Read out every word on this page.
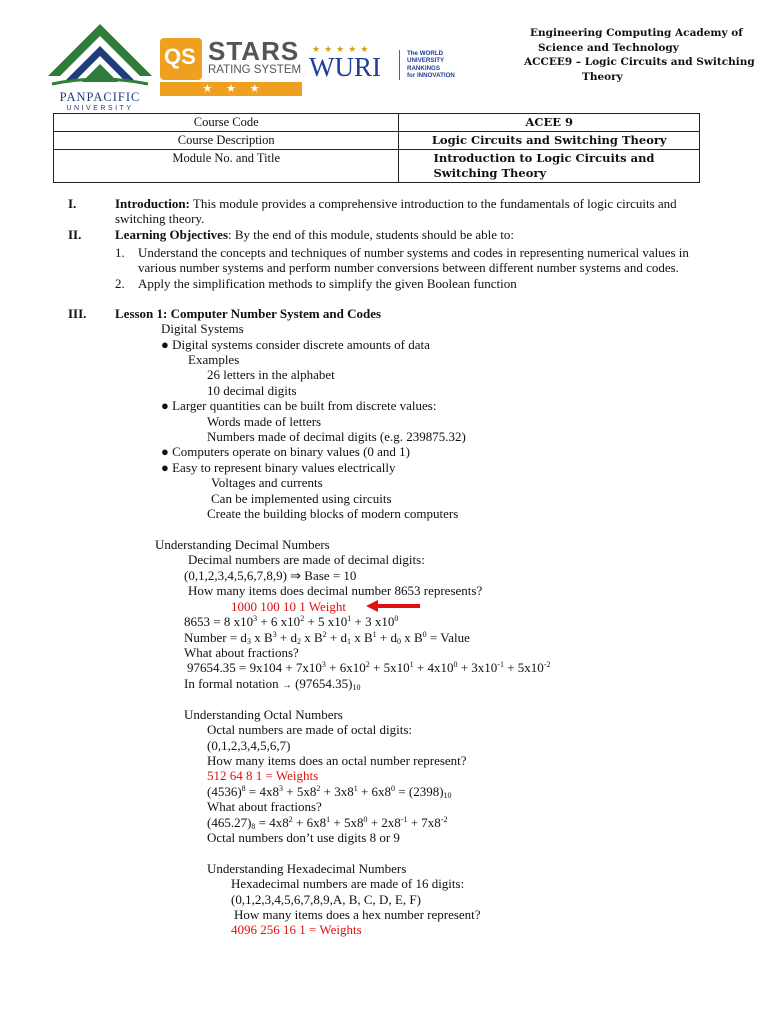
PANPACIFIC
UNIVERSITY
QS STARS
RATING SYSTEM
★ ★ ★
★★★★★
WURI	The WORLD
UNIVERSITY
RANKINGS
for INNOVATION
Engineering Computing Academy of
Science and Technology
ACCEE9 – Logic Circuits and Switching
Theory
Course Code	ACEE 9
Course Description	Logic Circuits and Switching Theory
Module No. and Title	Introduction to Logic Circuits and Switching Theory
I.	Introduction: This module provides a comprehensive introduction to the fundamentals of logic circuits and
switching theory.
II.	Learning Objectives: By the end of this module, students should be able to:
1. Understand the concepts and techniques of number systems and codes in representing numerical values in
various number systems and perform number conversions between different number systems and codes.
2. Apply the simplification methods to simplify the given Boolean function
III. Lesson 1: Computer Number System and Codes
Digital Systems
● Digital systems consider discrete amounts of data
Examples
26 letters in the alphabet
10 decimal digits
● Larger quantities can be built from discrete values:
Words made of letters
Numbers made of decimal digits (e.g. 239875.32)
● Computers operate on binary values (0 and 1)
● Easy to represent binary values electrically
Voltages and currents
Can be implemented using circuits
Create the building blocks of modern computers
Understanding Decimal Numbers
Decimal numbers are made of decimal digits:
(0,1,2,3,4,5,6,7,8,9) ⇒ Base = 10
How many items does decimal number 8653 represents?
1000 100 10 1 Weight
8653 = 8 $x10^3 + 6$ $x10^2 + 5$ $x10^1 + 3$ $x10^0$
Number = $d_3$ x $B^3 + d_2$ x $B^2 + d_1$ x $B^1 + d_0$ x $B^0$ = Value
What about fractions?
$97654.35 = 9x104 + 7x10^3 + 6x10^2 + 5x10^1 + 4x10^0 + 3x10^{-1} + 5x10^{-2}$
In formal notation → $(97654.35)_{10}$
Understanding Octal Numbers
Octal numbers are made of octal digits:
(0,1,2,3,4,5,6,7)
How many items does an octal number represent?
512 64 8 1 = Weights
$(4536)^8 = 4x8^3 + 5x8^2 + 3x8^1 + 6x8^0 = (2398)_{10}$
What about fractions?
$(465.27)_8 = 4x8^2 + 6x8^1 + 5x8^0 + 2x8^{-1} + 7x8^{-2}$
Octal numbers don’t use digits 8 or 9
Understanding Hexadecimal Numbers
Hexadecimal numbers are made of 16 digits:
(0,1,2,3,4,5,6,7,8,9,A, B, C, D, E, F)
How many items does a hex number represent?
4096 256 16 1 = Weights
